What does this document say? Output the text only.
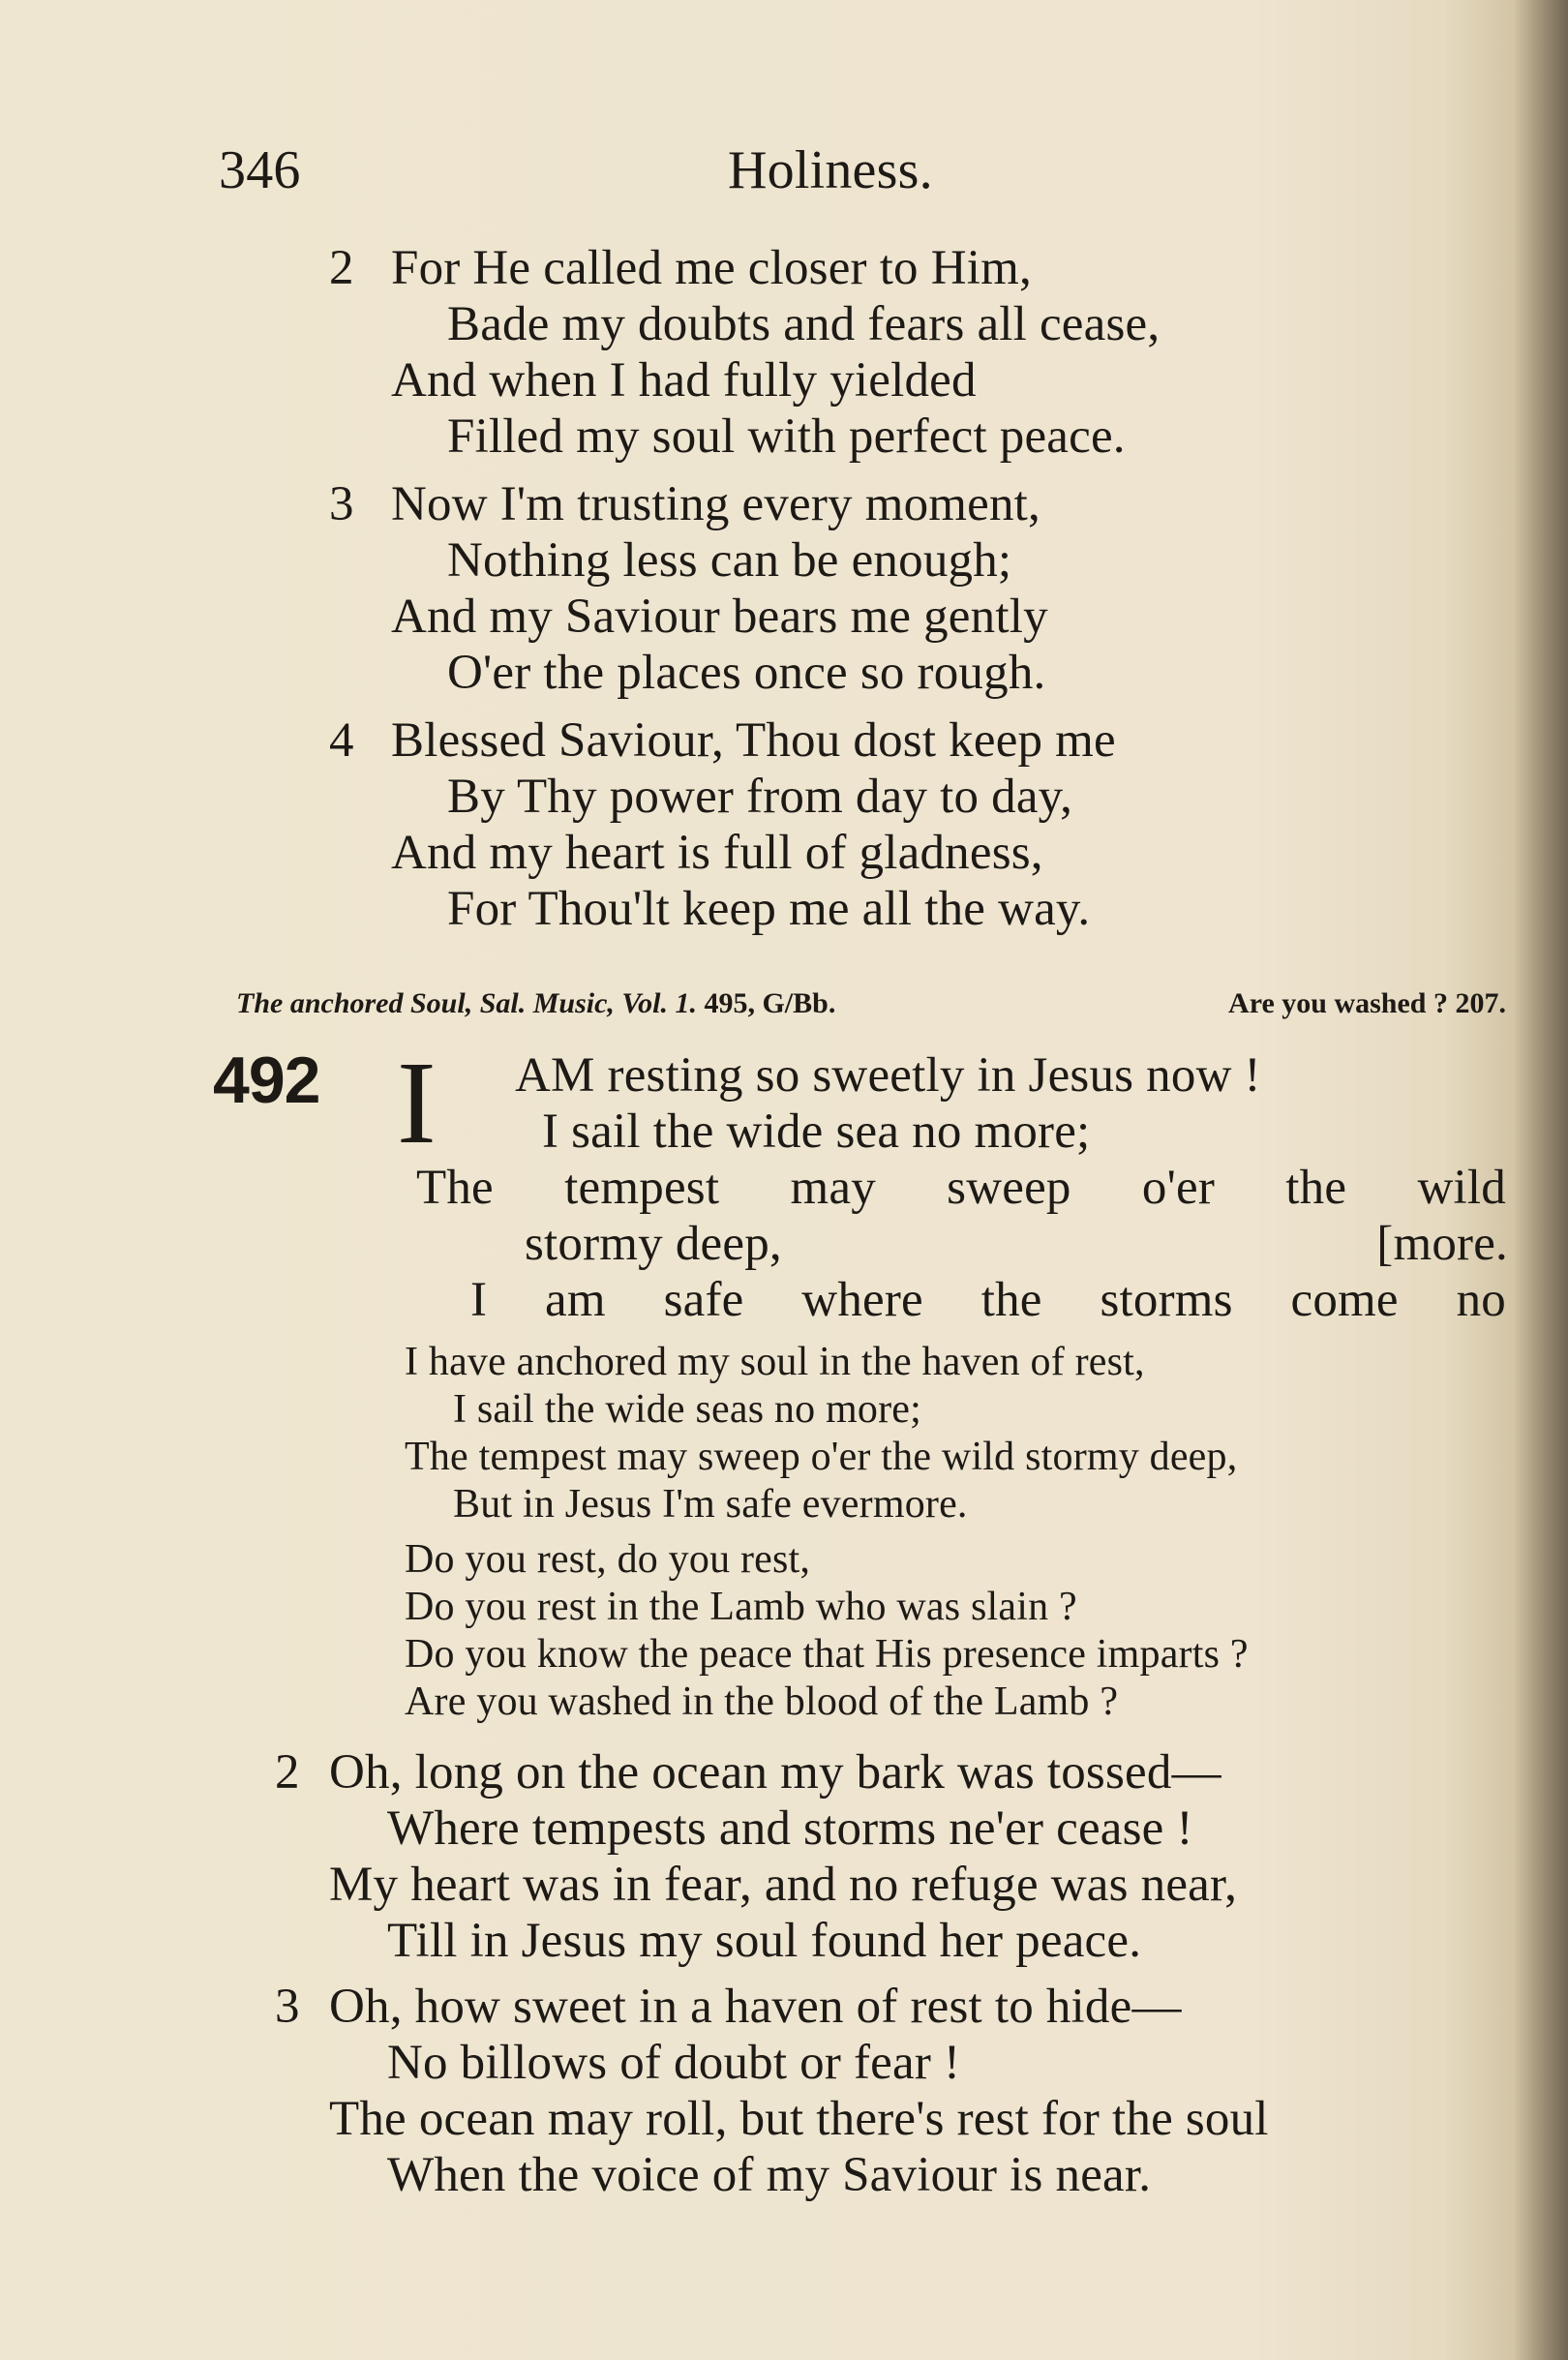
346	Holiness.
2 For He called me closer to Him,
Bade my doubts and fears all cease,
And when I had fully yielded
Filled my soul with perfect peace.
3 Now I'm trusting every moment,
Nothing less can be enough;
And my Saviour bears me gently
O'er the places once so rough.
4 Blessed Saviour, Thou dost keep me
By Thy power from day to day,
And my heart is full of gladness,
For Thou'lt keep me all the way.
The anchored Soul, Sal. Music, Vol. 1. 495, G/Bb.	Are you washed ? 207.
492 I AM resting so sweetly in Jesus now !
I sail the wide sea no more;
The tempest may sweep o'er the wild
stormy deep,	[more.
I am safe where the storms come no
I have anchored my soul in the haven of rest,
I sail the wide seas no more;
The tempest may sweep o'er the wild stormy deep,
But in Jesus I'm safe evermore.
Do you rest, do you rest,
Do you rest in the Lamb who was slain ?
Do you know the peace that His presence imparts ?
Are you washed in the blood of the Lamb ?
2 Oh, long on the ocean my bark was tossed—
Where tempests and storms ne'er cease !
My heart was in fear, and no refuge was near,
Till in Jesus my soul found her peace.
3 Oh, how sweet in a haven of rest to hide—
No billows of doubt or fear !
The ocean may roll, but there's rest for the soul
When the voice of my Saviour is near.
